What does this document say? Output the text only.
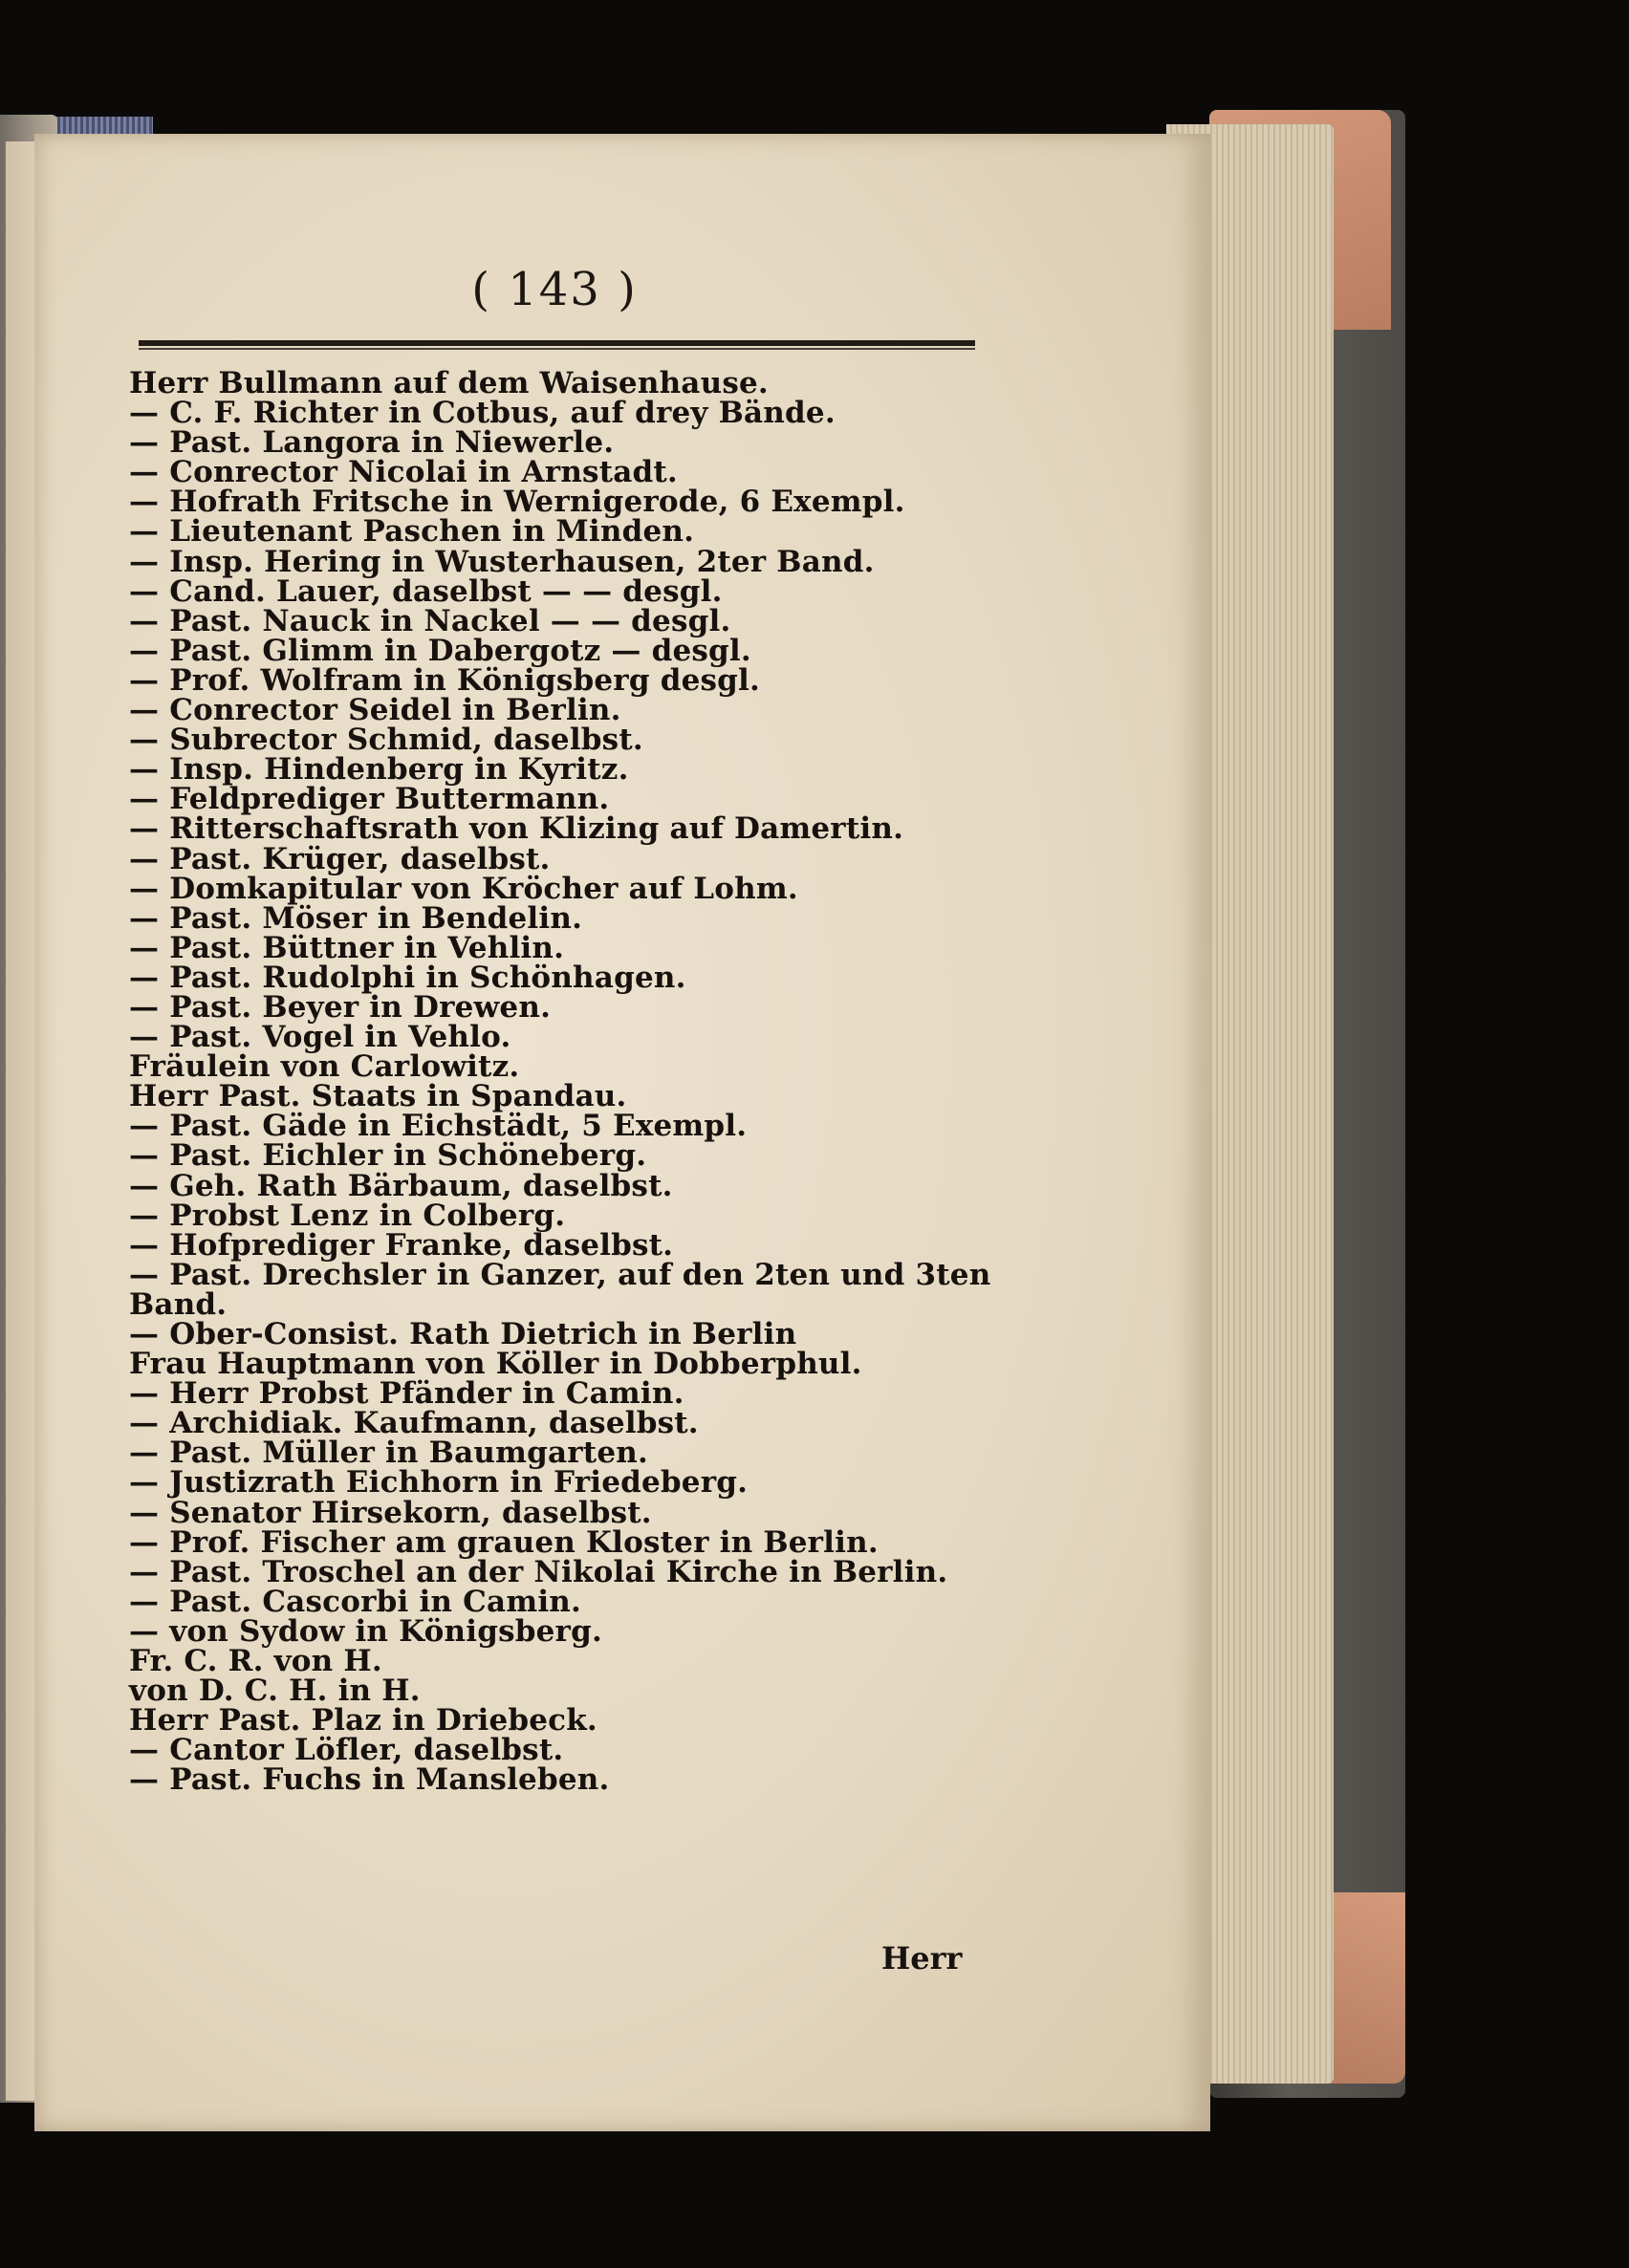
( 143 )
Herr Bullmann auf dem Waisenhause.
— C. F. Richter in Cotbus, auf drey Bände.
— Past. Langora in Niewerle.
— Conrector Nicolai in Arnstadt.
— Hofrath Fritsche in Wernigerode, 6 Exempl.
— Lieutenant Paschen in Minden.
— Insp. Hering in Wusterhausen, 2ter Band.
— Cand. Lauer, daselbst — — desgl.
— Past. Nauck in Nackel — — desgl.
— Past. Glimm in Dabergotz — desgl.
— Prof. Wolfram in Königsberg desgl.
— Conrector Seidel in Berlin.
— Subrector Schmid, daselbst.
— Insp. Hindenberg in Kyritz.
— Feldprediger Buttermann.
— Ritterschaftsrath von Klizing auf Damertin.
— Past. Krüger, daselbst.
— Domkapitular von Kröcher auf Lohm.
— Past. Möser in Bendelin.
— Past. Büttner in Vehlin.
— Past. Rudolphi in Schönhagen.
— Past. Beyer in Drewen.
— Past. Vogel in Vehlo.
Fräulein von Carlowitz.
Herr Past. Staats in Spandau.
— Past. Gäde in Eichstädt, 5 Exempl.
— Past. Eichler in Schöneberg.
— Geh. Rath Bärbaum, daselbst.
— Probst Lenz in Colberg.
— Hofprediger Franke, daselbst.
— Past. Drechsler in Ganzer, auf den 2ten und 3ten
Band.
— Ober-Consist. Rath Dietrich in Berlin
Frau Hauptmann von Köller in Dobberphul.
— Herr Probst Pfänder in Camin.
— Archidiak. Kaufmann, daselbst.
— Past. Müller in Baumgarten.
— Justizrath Eichhorn in Friedeberg.
— Senator Hirsekorn, daselbst.
— Prof. Fischer am grauen Kloster in Berlin.
— Past. Troschel an der Nikolai Kirche in Berlin.
— Past. Cascorbi in Camin.
— von Sydow in Königsberg.
Fr. C. R. von H.
von D. C. H. in H.
Herr Past. Plaz in Driebeck.
— Cantor Löfler, daselbst.
— Past. Fuchs in Mansleben.
Herr
